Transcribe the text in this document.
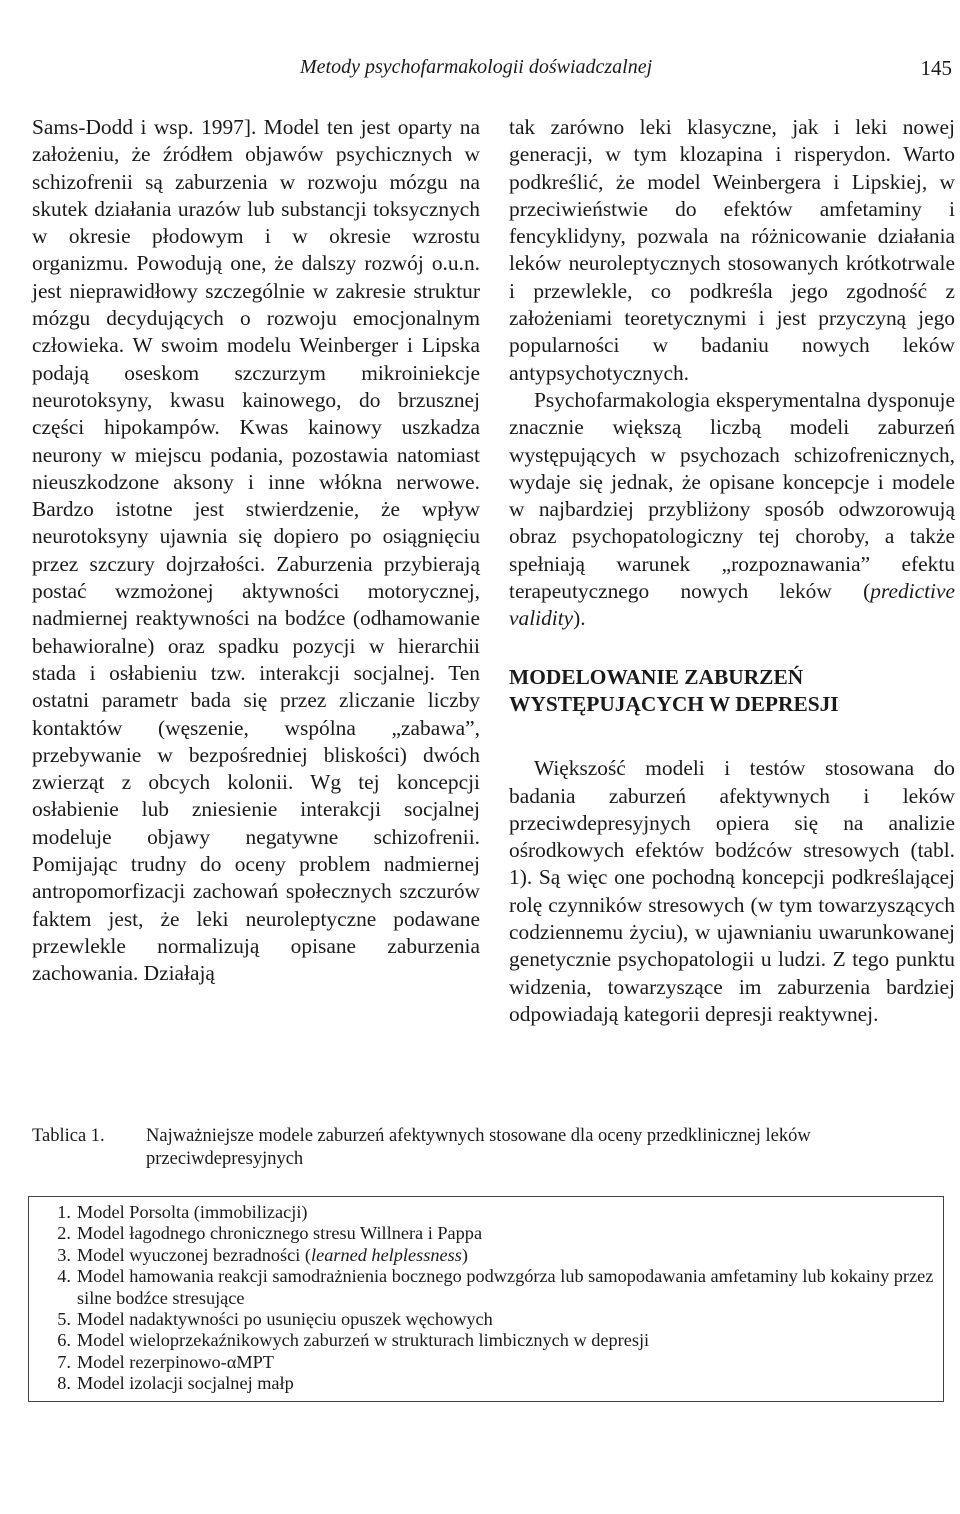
Metody psychofarmakologii doświadczalnej	145

Sams-Dodd i wsp. 1997]. Model ten jest oparty na założeniu, że źródłem objawów psychicznych w schizofrenii są zaburzenia w rozwoju mózgu na skutek działania urazów lub substancji toksycznych w okresie płodowym i w okresie wzrostu organizmu. Powodują one, że dalszy rozwój o.u.n. jest nieprawidłowy szczególnie w zakresie struktur mózgu decydujących o rozwoju emocjonalnym człowieka. W swoim modelu Weinberger i Lipska podają oseskom szczurzym mikroiniekcje neurotoksyny, kwasu kainowego, do brzusznej części hipokampów. Kwas kainowy uszkadza neurony w miejscu podania, pozostawia natomiast nieuszkodzone aksony i inne włókna nerwowe. Bardzo istotne jest stwierdzenie, że wpływ neurotoksyny ujawnia się dopiero po osiągnięciu przez szczury dojrzałości. Zaburzenia przybierają postać wzmożonej aktywności motorycznej, nadmiernej reaktywności na bodźce (odhamowanie behawioralne) oraz spadku pozycji w hierarchii stada i osłabieniu tzw. interakcji socjalnej. Ten ostatni parametr bada się przez zliczanie liczby kontaktów (węszenie, wspólna „zabawa”, przebywanie w bezpośredniej bliskości) dwóch zwierząt z obcych kolonii. Wg tej koncepcji osłabienie lub zniesienie interakcji socjalnej modeluje objawy negatywne schizofrenii. Pomijając trudny do oceny problem nadmiernej antropomorfizacji zachowań społecznych szczurów faktem jest, że leki neuroleptyczne podawane przewlekle normalizują opisane zaburzenia zachowania. Działają

tak zarówno leki klasyczne, jak i leki nowej generacji, w tym klozapina i risperydon. Warto podkreślić, że model Weinbergera i Lipskiej, w przeciwieństwie do efektów amfetaminy i fencyklidyny, pozwala na różnicowanie działania leków neuroleptycznych stosowanych krótkotrwale i przewlekle, co podkreśla jego zgodność z założeniami teoretycznymi i jest przyczyną jego popularności w badaniu nowych leków antypsychotycznych.

Psychofarmakologia eksperymentalna dysponuje znacznie większą liczbą modeli zaburzeń występujących w psychozach schizofrenicznych, wydaje się jednak, że opisane koncepcje i modele w najbardziej przybliżony sposób odwzorowują obraz psychopatologiczny tej choroby, a także spełniają warunek „rozpoznawania” efektu terapeutycznego nowych leków (predictive validity).

MODELOWANIE ZABURZEŃ
WYSTĘPUJĄCYCH W DEPRESJI

Większość modeli i testów stosowana do badania zaburzeń afektywnych i leków przeciwdepresyjnych opiera się na analizie ośrodkowych efektów bodźców stresowych (tabl. 1). Są więc one pochodną koncepcji podkreślającej rolę czynników stresowych (w tym towarzyszących codziennemu życiu), w ujawnianiu uwarunkowanej genetycznie psychopatologii u ludzi. Z tego punktu widzenia, towarzyszące im zaburzenia bardziej odpowiadają kategorii depresji reaktywnej.

Tablica 1.	Najważniejsze modele zaburzeń afektywnych stosowane dla oceny przedklinicznej leków przeciwdepresyjnych
1. Model Porsolta (immobilizacji)
2. Model łagodnego chronicznego stresu Willnera i Pappa
3. Model wyuczonej bezradności (learned helplessness)
4. Model hamowania reakcji samodrażnienia bocznego podwzgórza lub samopodawania amfetaminy lub kokainy przez silne bodźce stresujące
5. Model nadaktywności po usunięciu opuszek węchowych
6. Model wieloprzekaźnikowych zaburzeń w strukturach limbicznych w depresji
7. Model rezerpinowo-αMPT
8. Model izolacji socjalnej małp
